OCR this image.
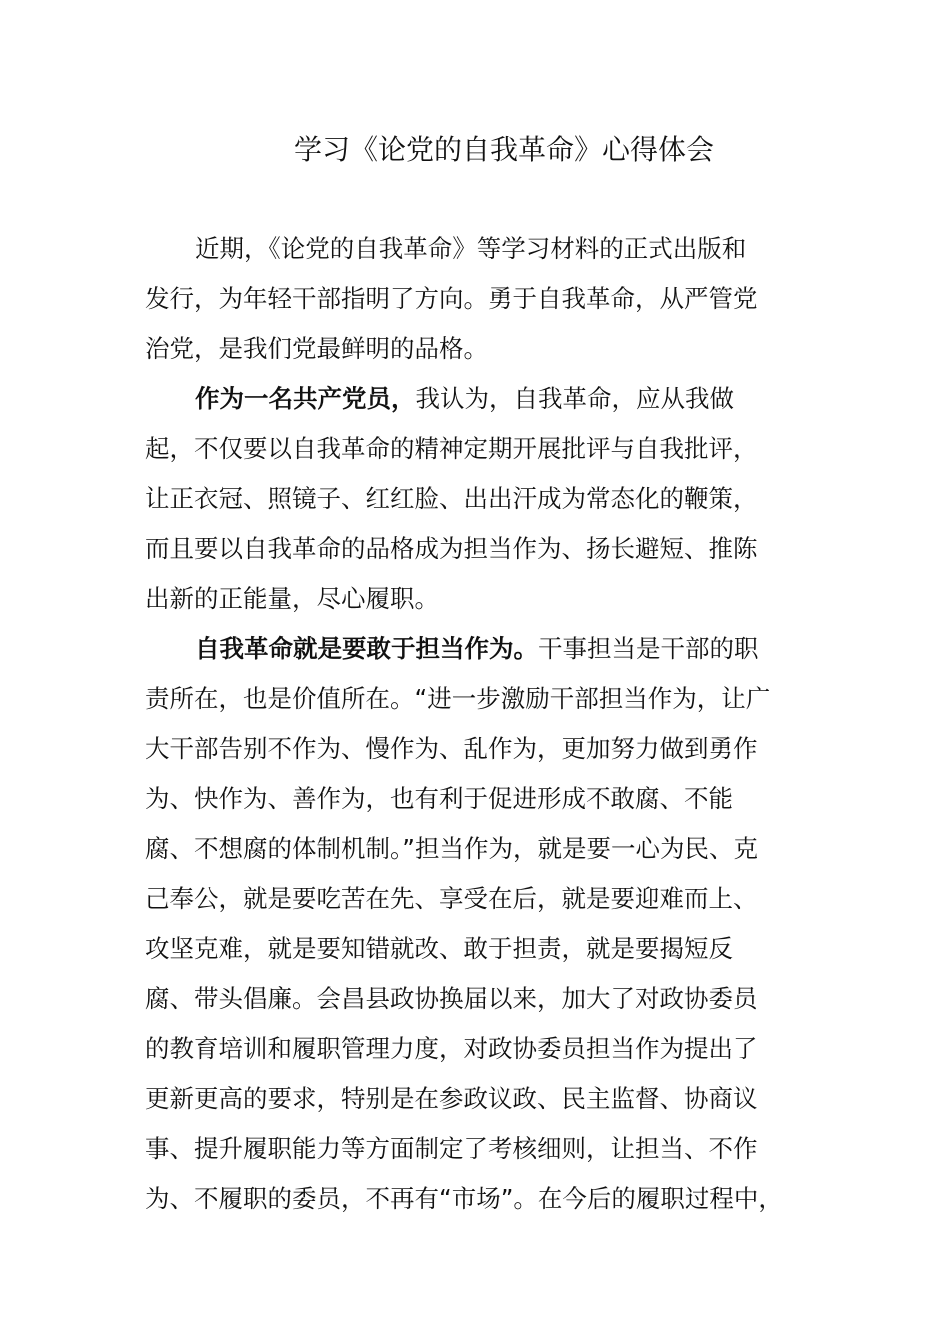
学习《论党的自我革命》心得体会
近期，《论党的自我革命》等学习材料的正式出版和
发行，为年轻干部指明了方向。勇于自我革命，从严管党
治党，是我们党最鲜明的品格。
作为一名共产党员，我认为，自我革命，应从我做
起，不仅要以自我革命的精神定期开展批评与自我批评，
让正衣冠、照镜子、红红脸、出出汗成为常态化的鞭策，
而且要以自我革命的品格成为担当作为、扬长避短、推陈
出新的正能量，尽心履职。
自我革命就是要敢于担当作为。干事担当是干部的职
责所在，也是价值所在。“进一步激励干部担当作为，让广
大干部告别不作为、慢作为、乱作为，更加努力做到勇作
为、快作为、善作为，也有利于促进形成不敢腐、不能
腐、不想腐的体制机制。”担当作为，就是要一心为民、克
己奉公，就是要吃苦在先、享受在后，就是要迎难而上、
攻坚克难，就是要知错就改、敢于担责，就是要揭短反
腐、带头倡廉。会昌县政协换届以来，加大了对政协委员
的教育培训和履职管理力度，对政协委员担当作为提出了
更新更高的要求，特别是在参政议政、民主监督、协商议
事、提升履职能力等方面制定了考核细则，让担当、不作
为、不履职的委员，不再有“市场”。在今后的履职过程中，
